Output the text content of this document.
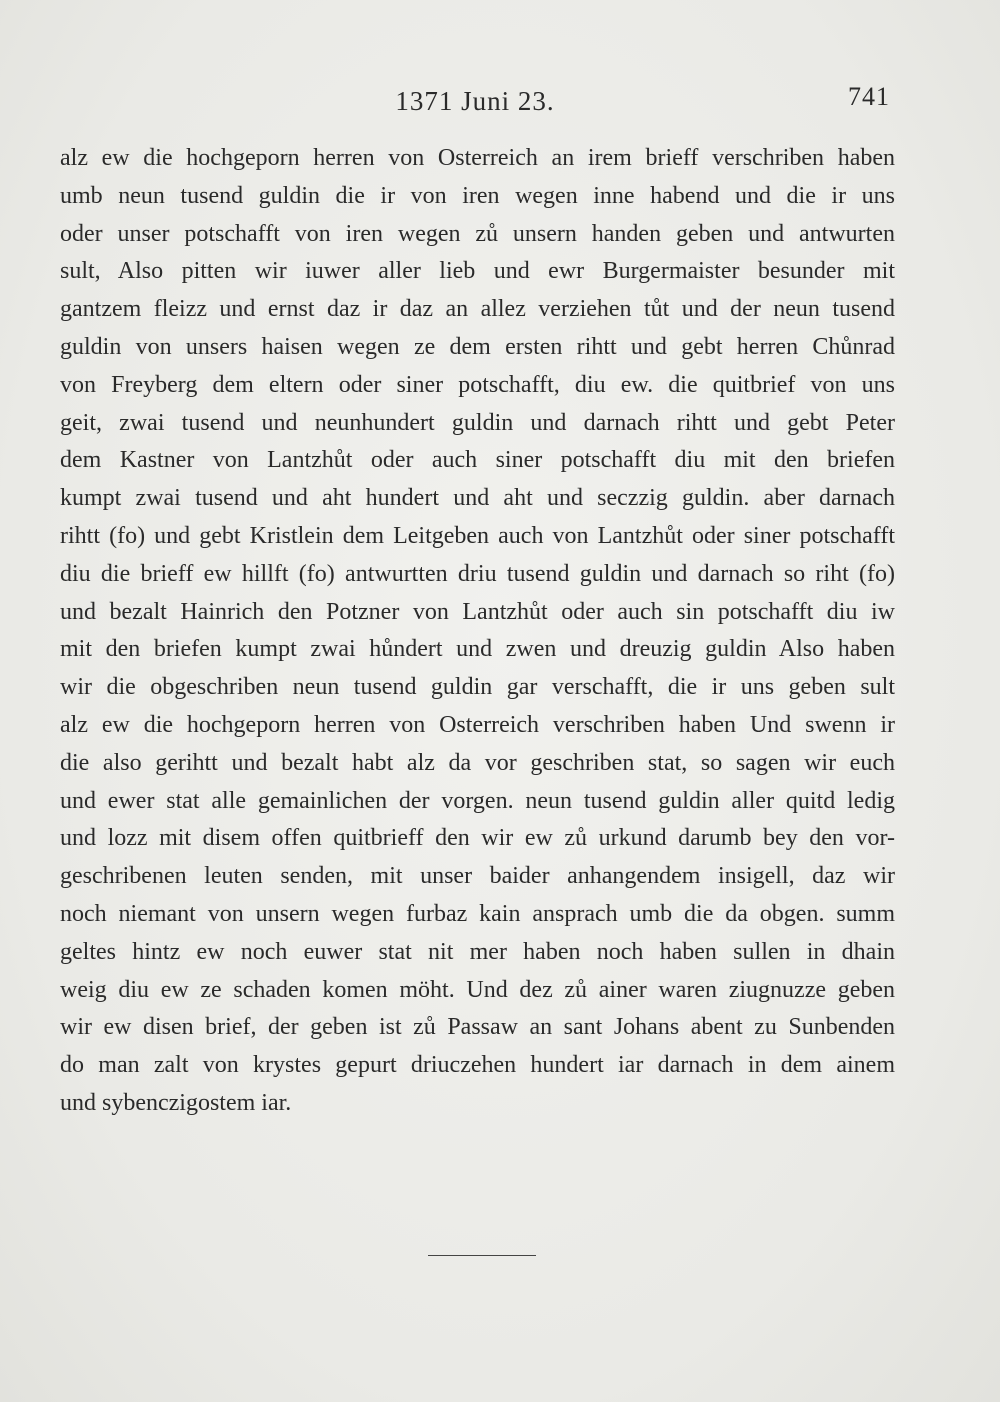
1371 Juni 23.	741
alz ew die hochgeporn herren von Osterreich an irem brieff verschriben haben
umb neun tusend guldin die ir von iren wegen inne habend und die ir uns
oder unser potschafft von iren wegen zů unsern handen geben und antwurten
sult, Also pitten wir iuwer aller lieb und ewr Burgermaister besunder mit
gantzem fleizz und ernst daz ir daz an allez verziehen tůt und der neun tusend
guldin von unsers haisen wegen ze dem ersten rihtt und gebt herren Chůnrad
von Freyberg dem eltern oder siner potschafft, diu ew. die quitbrief von uns
geit, zwai tusend und neunhundert guldin und darnach rihtt und gebt Peter
dem Kastner von Lantzhůt oder auch siner potschafft diu mit den briefen
kumpt zwai tusend und aht hundert und aht und seczzig guldin. aber darnach
rihtt (fo) und gebt Kristlein dem Leitgeben auch von Lantzhůt oder siner potschafft
diu die brieff ew hillft (fo) antwurtten driu tusend guldin und darnach so riht (fo)
und bezalt Hainrich den Potzner von Lantzhůt oder auch sin potschafft diu iw
mit den briefen kumpt zwai hůndert und zwen und dreuzig guldin Also haben
wir die obgeschriben neun tusend guldin gar verschafft, die ir uns geben sult
alz ew die hochgeporn herren von Osterreich verschriben haben Und swenn ir
die also gerihtt und bezalt habt alz da vor geschriben stat, so sagen wir euch
und ewer stat alle gemainlichen der vorgen. neun tusend guldin aller quitd ledig
und lozz mit disem offen quitbrieff den wir ew zů urkund darumb bey den vor-
geschribenen leuten senden, mit unser baider anhangendem insigell, daz wir
noch niemant von unsern wegen furbaz kain ansprach umb die da obgen. summ
geltes hintz ew noch euwer stat nit mer haben noch haben sullen in dhain
weig diu ew ze schaden komen möht. Und dez zů ainer waren ziugnuzze geben
wir ew disen brief, der geben ist zů Passaw an sant Johans abent zu Sunbenden
do man zalt von krystes gepurt driuczehen hundert iar darnach in dem ainem
und sybenczigostem iar.
